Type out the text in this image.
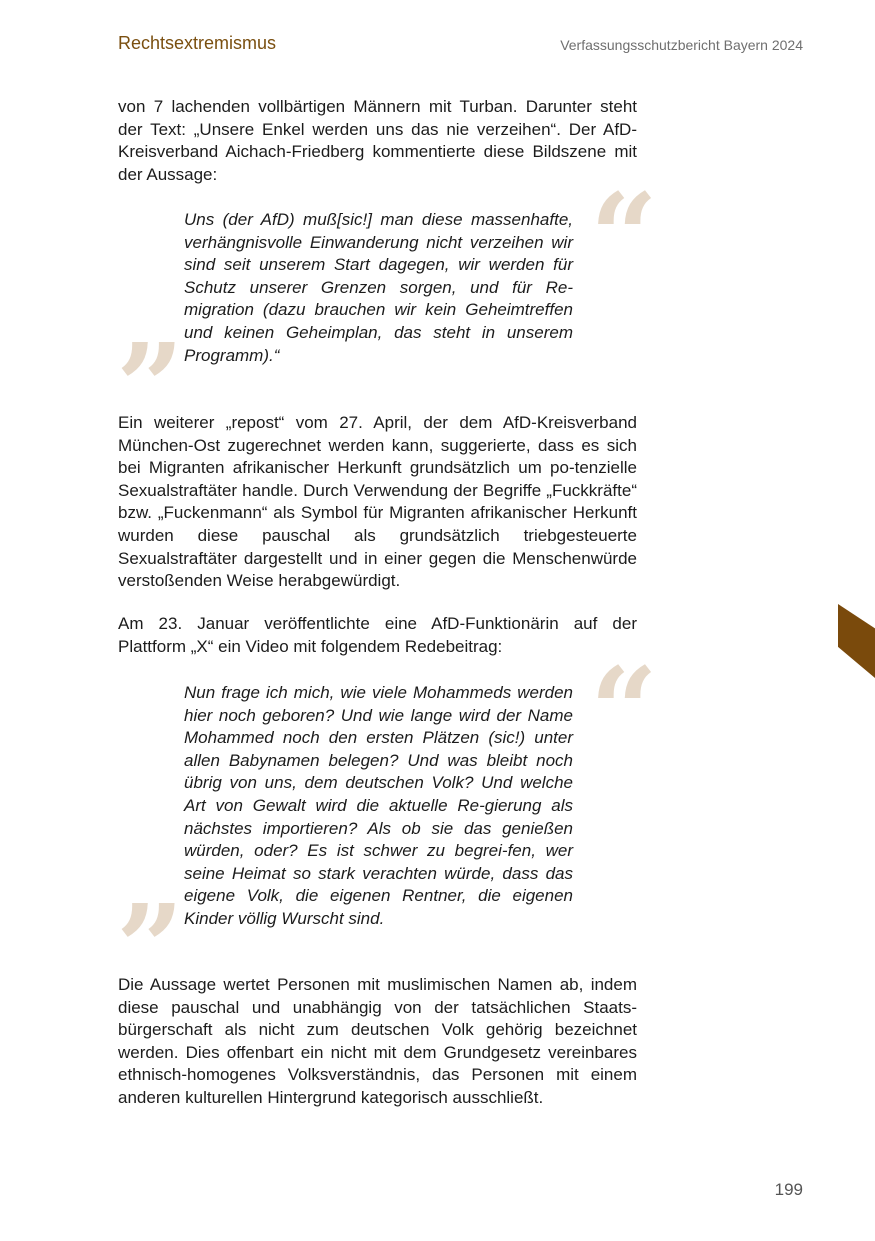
Rechtsextremismus	Verfassungsschutzbericht Bayern 2024

von 7 lachenden vollbärtigen Männern mit Turban. Darunter steht der Text: „Unsere Enkel werden uns das nie verzeihen“. Der AfD-Kreisverband Aichach-Friedberg kommentierte diese Bildszene mit der Aussage:	“

Uns (der AfD) muß[sic!] man diese massenhafte, verhängnisvolle Einwanderung nicht verzeihen wir sind seit unserem Start dagegen, wir werden für Schutz unserer Grenzen sorgen, und für Re-migration (dazu brauchen wir kein Geheimtreffen und keinen Geheimplan, das steht in unserem Programm).“

”

Ein weiterer „repost“ vom 27. April, der dem AfD-Kreisverband München-Ost zugerechnet werden kann, suggerierte, dass es sich bei Migranten afrikanischer Herkunft grundsätzlich um po-tenzielle Sexualstraftäter handle. Durch Verwendung der Begriffe „Fuckkräfte“ bzw. „Fuckenmann“ als Symbol für Migranten afrikanischer Herkunft wurden diese pauschal als grundsätzlich triebgesteuerte Sexualstraftäter dargestellt und in einer gegen die Menschenwürde verstoßenden Weise herabgewürdigt.

Am 23. Januar veröffentlichte eine AfD-Funktionärin auf der Plattform „X“ ein Video mit folgendem Redebeitrag: “

Nun frage ich mich, wie viele Mohammeds werden hier noch geboren? Und wie lange wird der Name Mohammed noch den ersten Plätzen (sic!) unter allen Babynamen belegen? Und was bleibt noch übrig von uns, dem deutschen Volk? Und welche Art von Gewalt wird die aktuelle Re-gierung als nächstes importieren? Als ob sie das genießen würden, oder? Es ist schwer zu begrei-fen, wer seine Heimat so stark verachten würde, dass das eigene Volk, die eigenen Rentner, die eigenen Kinder völlig Wurscht sind.

”

Die Aussage wertet Personen mit muslimischen Namen ab, indem diese pauschal und unabhängig von der tatsächlichen Staats-bürgerschaft als nicht zum deutschen Volk gehörig bezeichnet werden. Dies offenbart ein nicht mit dem Grundgesetz vereinbares ethnisch-homogenes Volksverständnis, das Personen mit einem anderen kulturellen Hintergrund kategorisch ausschließt.

199
